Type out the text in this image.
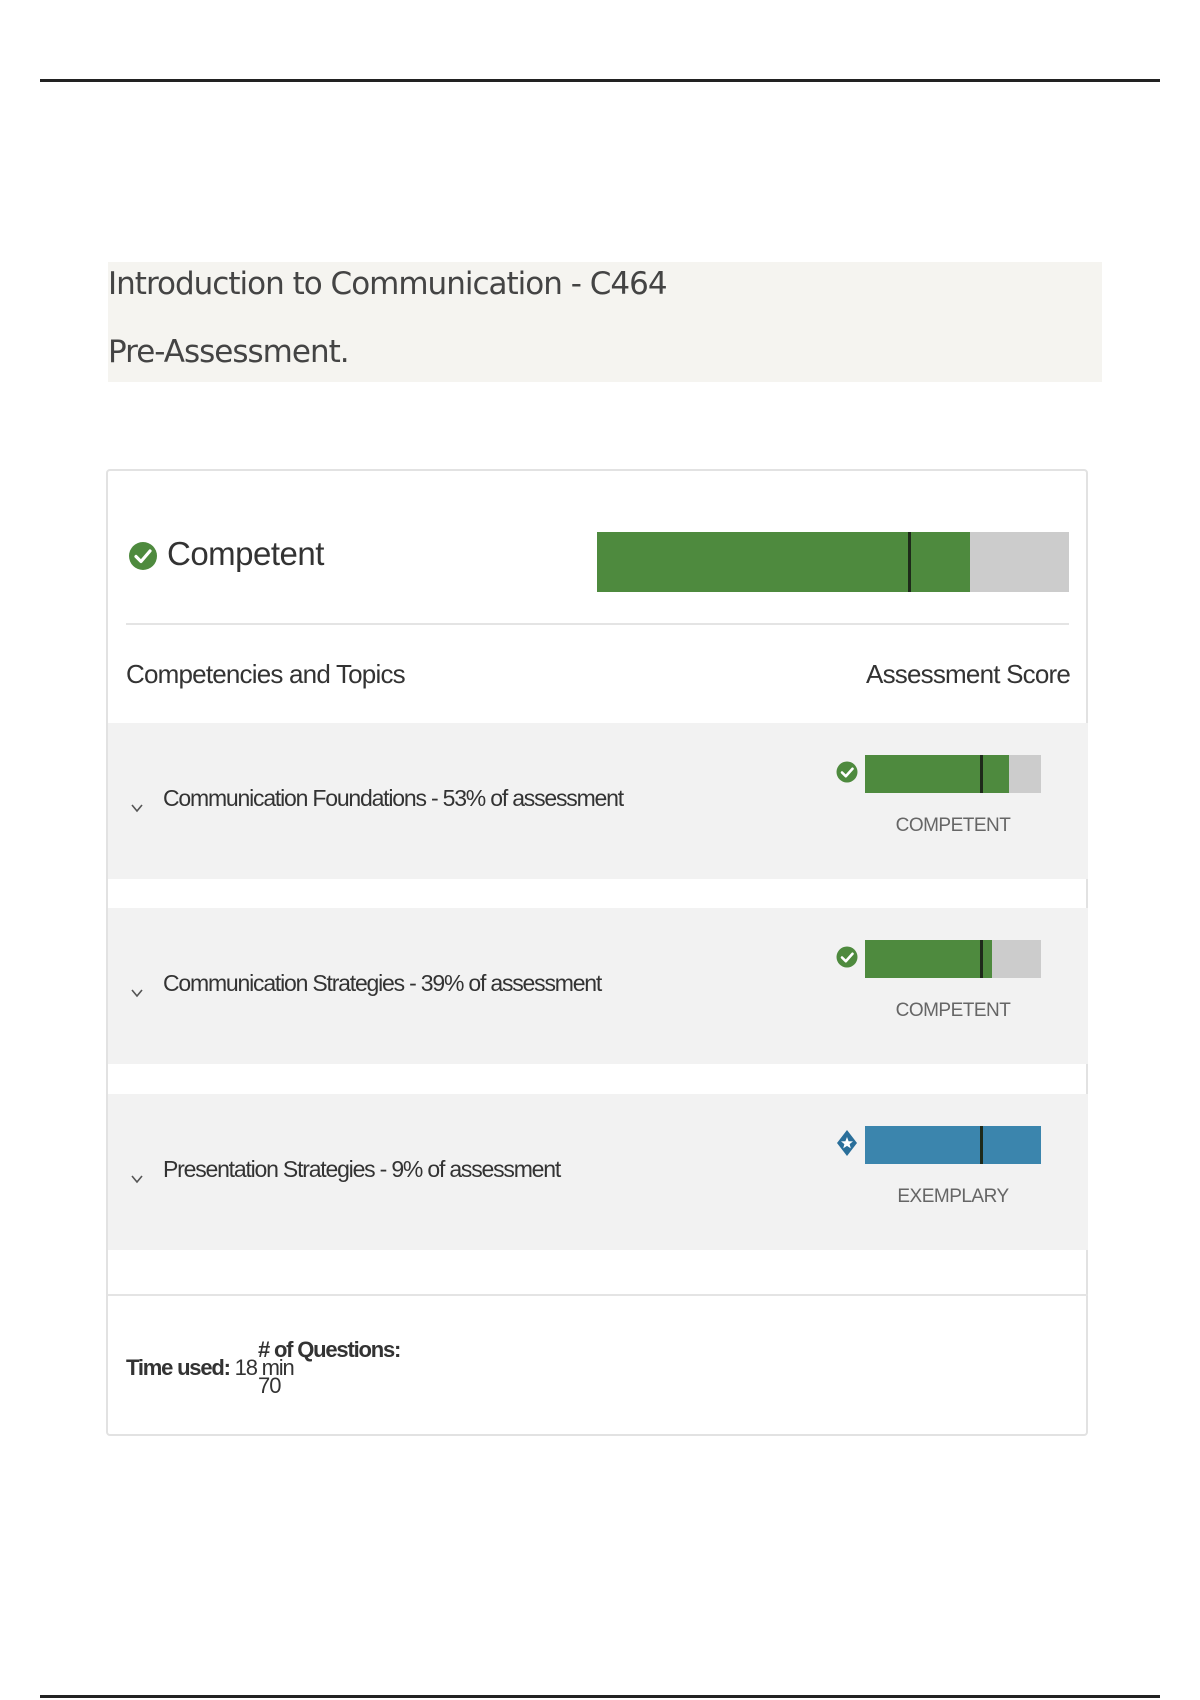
Introduction to Communication - C464
Pre-Assessment.
Competent
Competencies and Topics	Assessment Score
Communication Foundations - 53% of assessment
COMPETENT
Communication Strategies - 39% of assessment
COMPETENT
Presentation Strategies - 9% of assessment
EXEMPLARY
Time used: 18 min
# of Questions:
70
